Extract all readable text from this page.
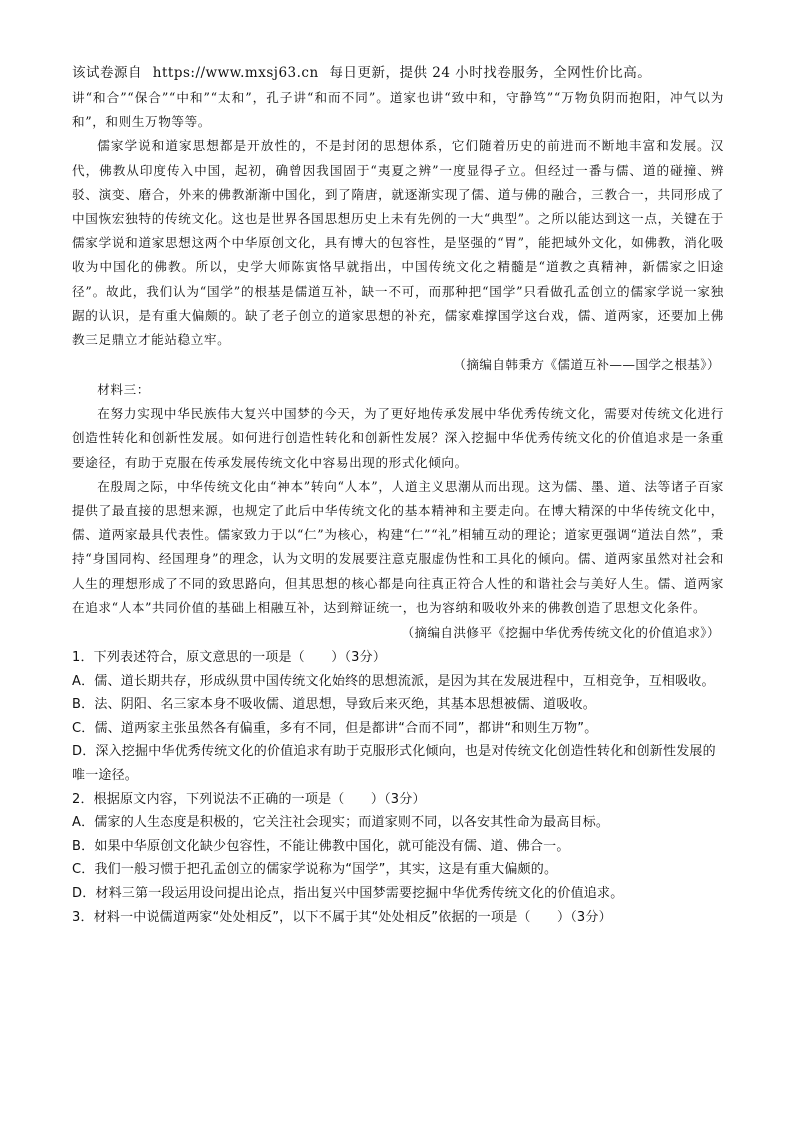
该试卷源自 https://www.mxsj63.cn 每日更新，提供 24 小时找卷服务，全网性价比高。

讲“和合”“保合”“中和”“太和”，孔子讲“和而不同”。道家也讲“致中和，守静笃”“万物负阴而抱阳，冲气以为和”，和则生万物等等。

儒家学说和道家思想都是开放性的，不是封闭的思想体系，它们随着历史的前进而不断地丰富和发展。汉代，佛教从印度传入中国，起初，确曾因我国固于“夷夏之辨”一度显得孑立。但经过一番与儒、道的碰撞、辨驳、演变、磨合，外来的佛教渐渐中国化，到了隋唐，就逐渐实现了儒、道与佛的融合，三教合一，共同形成了中国恢宏独特的传统文化。这也是世界各国思想历史上未有先例的一大“典型”。之所以能达到这一点，关键在于儒家学说和道家思想这两个中华原创文化，具有博大的包容性，是坚强的“胃”，能把域外文化，如佛教，消化吸收为中国化的佛教。所以，史学大师陈寅恪早就指出，中国传统文化之精髓是“道教之真精神，新儒家之旧途径”。故此，我们认为“国学”的根基是儒道互补，缺一不可，而那种把“国学”只看做孔孟创立的儒家学说一家独踞的认识，是有重大偏颇的。缺了老子创立的道家思想的补充，儒家难撑国学这台戏，儒、道两家，还要加上佛教三足鼎立才能站稳立牢。

（摘编自韩秉方《儒道互补——国学之根基》）

材料三：

在努力实现中华民族伟大复兴中国梦的今天，为了更好地传承发展中华优秀传统文化，需要对传统文化进行创造性转化和创新性发展。如何进行创造性转化和创新性发展？深入挖掘中华优秀传统文化的价值追求是一条重要途径，有助于克服在传承发展传统文化中容易出现的形式化倾向。

在殷周之际，中华传统文化由“神本”转向“人本”，人道主义思潮从而出现。这为儒、墨、道、法等诸子百家提供了最直接的思想来源，也规定了此后中华传统文化的基本精神和主要走向。在博大精深的中华传统文化中，儒、道两家最具代表性。儒家致力于以“仁”为核心，构建“仁”“礼”相辅互动的理论；道家更强调“道法自然”，秉持“身国同构、经国理身”的理念，认为文明的发展要注意克服虚伪性和工具化的倾向。儒、道两家虽然对社会和人生的理想形成了不同的致思路向，但其思想的核心都是向往真正符合人性的和谐社会与美好人生。儒、道两家在追求“人本”共同价值的基础上相融互补，达到辩证统一，也为容纳和吸收外来的佛教创造了思想文化条件。

（摘编自洪修平《挖掘中华优秀传统文化的价值追求》）

1．下列表述符合，原文意思的一项是（　　）（3分）
A．儒、道长期共存，形成纵贯中国传统文化始终的思想流派，是因为其在发展进程中，互相竞争，互相吸收。
B．法、阴阳、名三家本身不吸收儒、道思想，导致后来灭绝，其基本思想被儒、道吸收。
C．儒、道两家主张虽然各有偏重，多有不同，但是都讲“合而不同”，都讲“和则生万物”。
D．深入挖掘中华优秀传统文化的价值追求有助于克服形式化倾向，也是对传统文化创造性转化和创新性发展的唯一途径。
2．根据原文内容，下列说法不正确的一项是（　　）（3分）
A．儒家的人生态度是积极的，它关注社会现实；而道家则不同，以各安其性命为最高目标。
B．如果中华原创文化缺少包容性，不能让佛教中国化，就可能没有儒、道、佛合一。
C．我们一般习惯于把孔孟创立的儒家学说称为“国学”，其实，这是有重大偏颇的。
D．材料三第一段运用设问提出论点，指出复兴中国梦需要挖掘中华优秀传统文化的价值追求。
3．材料一中说儒道两家“处处相反”，以下不属于其“处处相反”依据的一项是（　　）（3分）
